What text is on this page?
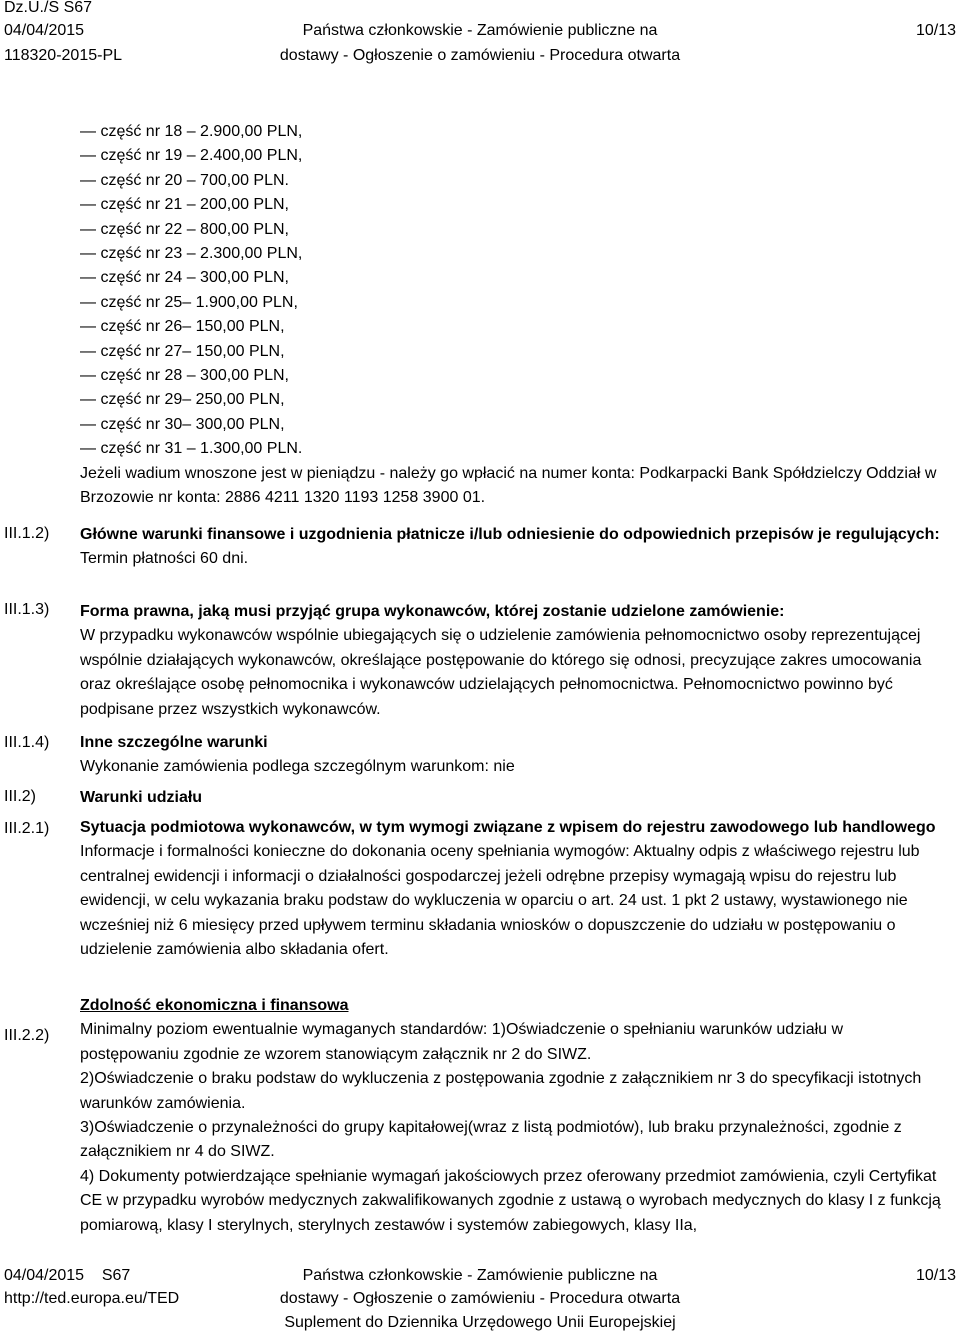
Dz.U./S S67
04/04/2015
118320-2015-PL
Państwa członkowskie - Zamówienie publiczne na
dostawy - Ogłoszenie o zamówieniu - Procedura otwarta
10/13
— część nr 18 – 2.900,00 PLN,
— część nr 19 – 2.400,00 PLN,
— część nr 20 – 700,00 PLN.
— część nr 21 – 200,00 PLN,
— część nr 22 – 800,00 PLN,
— część nr 23 – 2.300,00 PLN,
— część nr 24 – 300,00 PLN,
— część nr 25– 1.900,00 PLN,
— część nr 26– 150,00 PLN,
— część nr 27– 150,00 PLN,
— część nr 28 – 300,00 PLN,
— część nr 29– 250,00 PLN,
— część nr 30– 300,00 PLN,
— część nr 31 – 1.300,00 PLN.

Jeżeli wadium wnoszone jest w pieniądzu - należy go wpłacić na numer konta: Podkarpacki Bank Spółdzielczy Oddział w Brzozowie nr konta: 2886 4211 1320 1193 1258 3900 01.

III.1.2)
III.1.3)
III.1.4)
III.2)
III.2.1)
III.2.2)

Główne warunki finansowe i uzgodnienia płatnicze i/lub odniesienie do odpowiednich przepisów je regulujących:

Termin płatności 60 dni.

Forma prawna, jaką musi przyjąć grupa wykonawców, której zostanie udzielone zamówienie:

W przypadku wykonawców wspólnie ubiegających się o udzielenie zamówienia pełnomocnictwo osoby reprezentującej wspólnie działających wykonawców, określające postępowanie do którego się odnosi, precyzujące zakres umocowania oraz określające osobę pełnomocnika i wykonawców udzielających pełnomocnictwa. Pełnomocnictwo powinno być podpisane przez wszystkich wykonawców.

Inne szczególne warunki

Wykonanie zamówienia podlega szczególnym warunkom: nie

Warunki udziału

Sytuacja podmiotowa wykonawców, w tym wymogi związane z wpisem do rejestru zawodowego lub handlowego

Informacje i formalności konieczne do dokonania oceny spełniania wymogów: Aktualny odpis z właściwego rejestru lub centralnej ewidencji i informacji o działalności gospodarczej jeżeli odrębne przepisy wymagają wpisu do rejestru lub ewidencji, w celu wykazania braku podstaw do wykluczenia w oparciu o art. 24 ust. 1 pkt 2 ustawy, wystawionego nie wcześniej niż 6 miesięcy przed upływem terminu składania wniosków o dopuszczenie do udziału w postępowaniu o udzielenie zamówienia albo składania ofert.

Zdolność ekonomiczna i finansowa

Minimalny poziom ewentualnie wymaganych standardów: 1)Oświadczenie o spełnianiu warunków udziału w postępowaniu zgodnie ze wzorem stanowiącym załącznik nr 2 do SIWZ.

2)Oświadczenie o braku podstaw do wykluczenia z postępowania zgodnie z załącznikiem nr 3 do specyfikacji istotnych warunków zamówienia.

3)Oświadczenie o przynależności do grupy kapitałowej(wraz z listą podmiotów), lub braku przynależności, zgodnie z załącznikiem nr 4 do SIWZ.

4) Dokumenty potwierdzające spełnianie wymagań jakościowych przez oferowany przedmiot zamówienia, czyli Certyfikat CE w przypadku wyrobów medycznych zakwalifikowanych zgodnie z ustawą o wyrobach medycznych do klasy I z funkcją pomiarową, klasy I sterylnych, sterylnych zestawów i systemów zabiegowych, klasy IIa,

04/04/2015 S67
http://ted.europa.eu/TED
Państwa członkowskie - Zamówienie publiczne na
dostawy - Ogłoszenie o zamówieniu - Procedura otwarta
Suplement do Dziennika Urzędowego Unii Europejskiej
10/13
